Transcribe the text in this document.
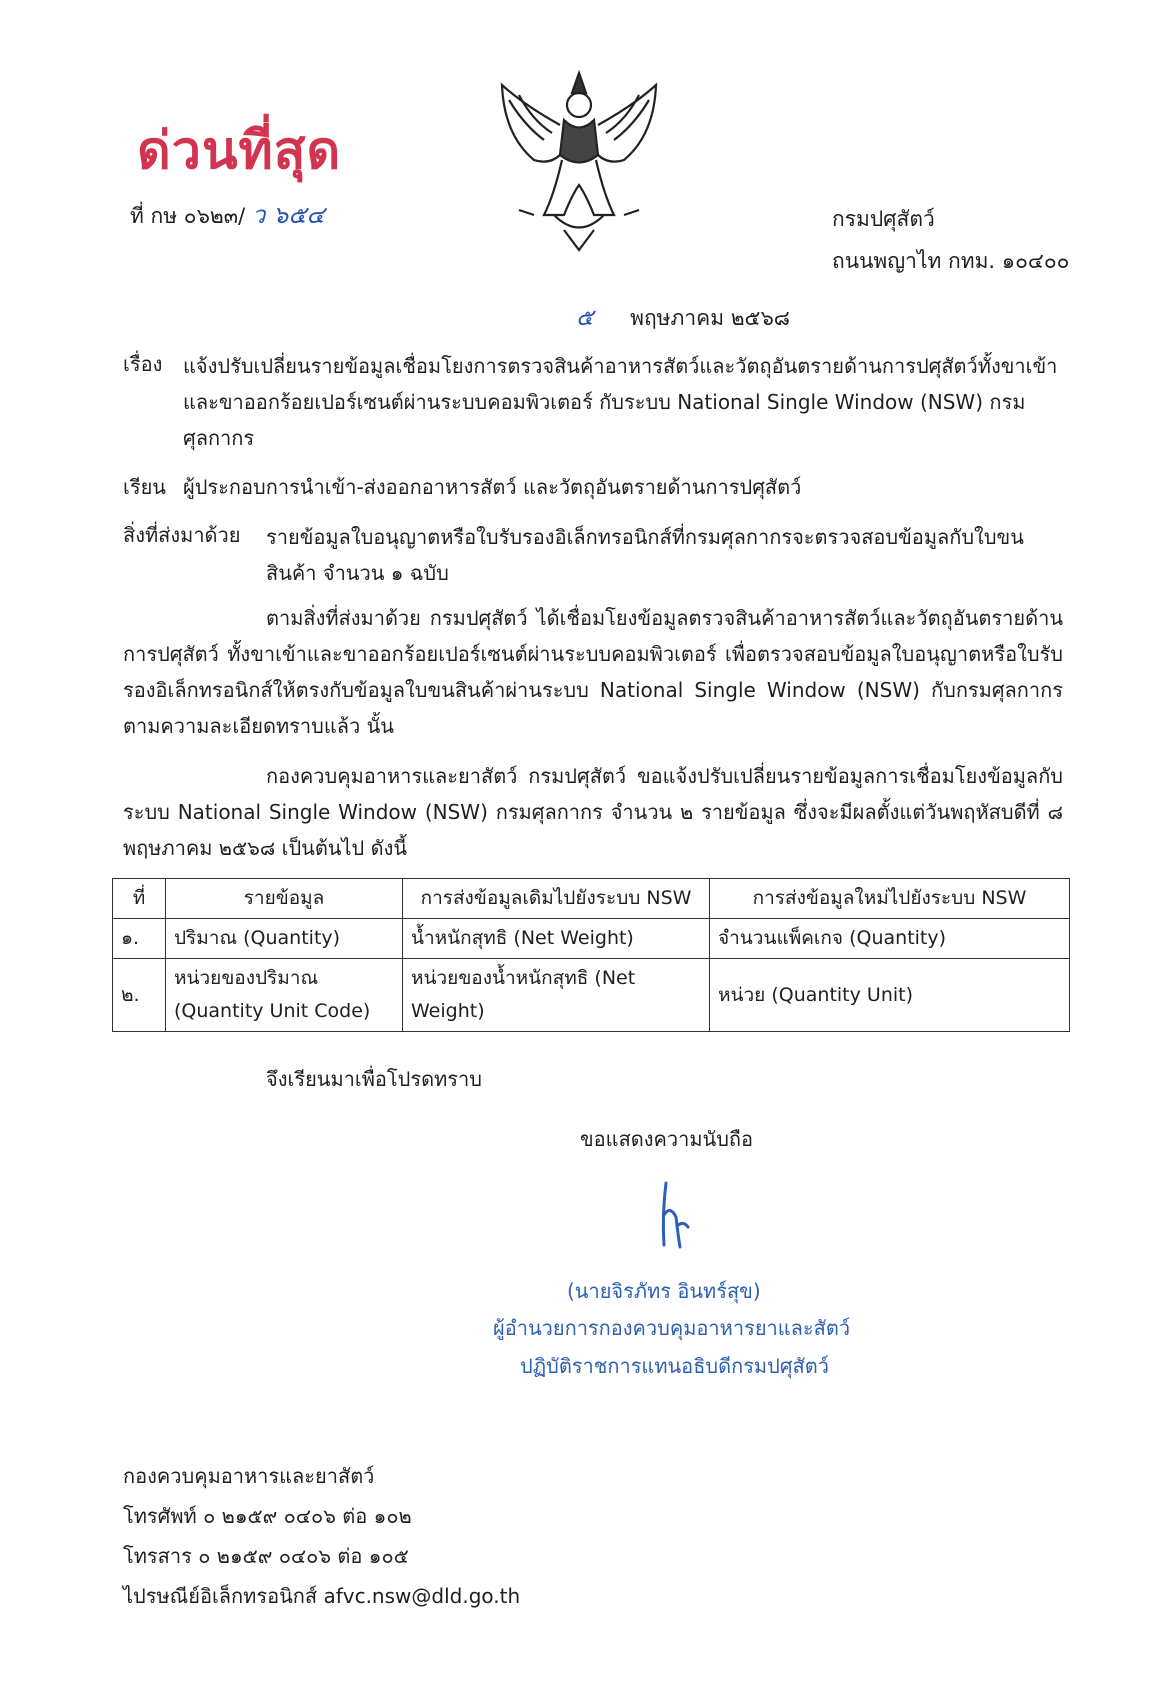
ด่วนที่สุด
ที่ กษ ๐๖๒๓/ ว ๖๕๔	กรมปศุสัตว์
ถนนพญาไท กทม. ๑๐๔๐๐
๕ พฤษภาคม ๒๕๖๘
เรื่อง แจ้งปรับเปลี่ยนรายข้อมูลเชื่อมโยงการตรวจสินค้าอาหารสัตว์และวัตถุอันตรายด้านการปศุสัตว์ทั้งขาเข้า และขาออกร้อยเปอร์เซนต์ผ่านระบบคอมพิวเตอร์ กับระบบ National Single Window (NSW) กรมศุลกากร
เรียน ผู้ประกอบการนำเข้า-ส่งออกอาหารสัตว์ และวัตถุอันตรายด้านการปศุสัตว์
สิ่งที่ส่งมาด้วย รายข้อมูลใบอนุญาตหรือใบรับรองอิเล็กทรอนิกส์ที่กรมศุลกากรจะตรวจสอบข้อมูลกับใบขนสินค้า จำนวน ๑ ฉบับ
ตามสิ่งที่ส่งมาด้วย กรมปศุสัตว์ ได้เชื่อมโยงข้อมูลตรวจสินค้าอาหารสัตว์และวัตถุอันตรายด้านการปศุสัตว์ ทั้งขาเข้าและขาออกร้อยเปอร์เซนต์ผ่านระบบคอมพิวเตอร์ เพื่อตรวจสอบข้อมูลใบอนุญาตหรือใบรับรองอิเล็กทรอนิกส์ให้ตรงกับข้อมูลใบขนสินค้าผ่านระบบ National Single Window (NSW) กับกรมศุลกากร ตามความละเอียดทราบแล้ว นั้น
กองควบคุมอาหารและยาสัตว์ กรมปศุสัตว์ ขอแจ้งปรับเปลี่ยนรายข้อมูลการเชื่อมโยงข้อมูลกับระบบ National Single Window (NSW) กรมศุลกากร จำนวน ๒ รายข้อมูล ซึ่งจะมีผลตั้งแต่วันพฤหัสบดีที่ ๘ พฤษภาคม ๒๕๖๘ เป็นต้นไป ดังนี้
ที่	รายข้อมูล	การส่งข้อมูลเดิมไปยังระบบ NSW	การส่งข้อมูลใหม่ไปยังระบบ NSW
๑.	ปริมาณ (Quantity)	น้ำหนักสุทธิ (Net Weight)	จำนวนแพ็คเกจ (Quantity)
๒.	หน่วยของปริมาณ (Quantity Unit Code)	หน่วยของน้ำหนักสุทธิ (Net Weight)	หน่วย (Quantity Unit)
จึงเรียนมาเพื่อโปรดทราบ
ขอแสดงความนับถือ
(นายจิรภัทร อินทร์สุข)
ผู้อำนวยการกองควบคุมอาหารยาและสัตว์
ปฏิบัติราชการแทนอธิบดีกรมปศุสัตว์
กองควบคุมอาหารและยาสัตว์
โทรศัพท์ ๐ ๒๑๕๙ ๐๔๐๖ ต่อ ๑๐๒
โทรสาร ๐ ๒๑๕๙ ๐๔๐๖ ต่อ ๑๐๕
ไปรษณีย์อิเล็กทรอนิกส์ afvc.nsw@dld.go.th
